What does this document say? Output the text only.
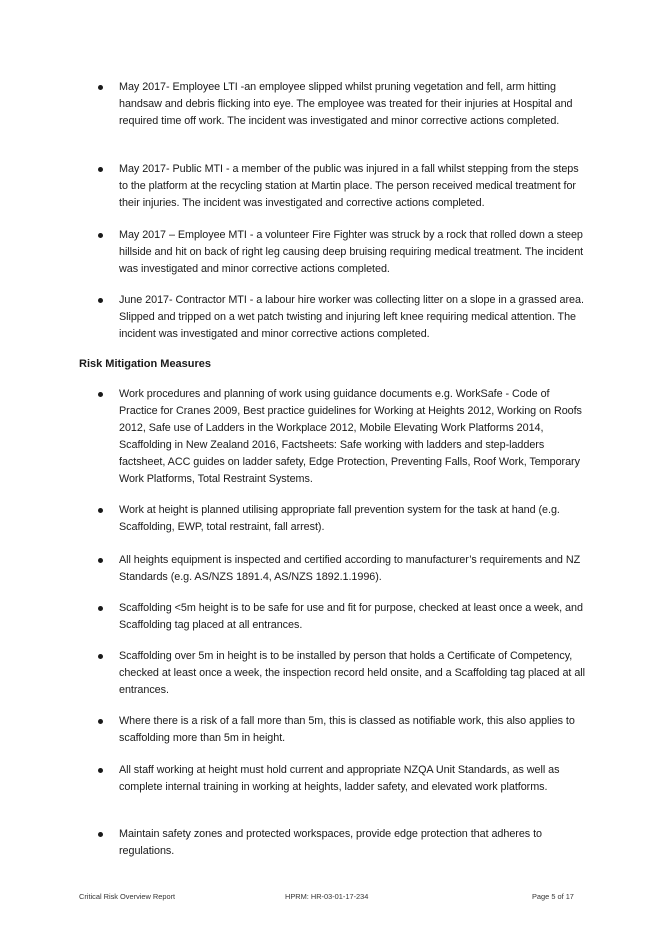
May 2017- Employee LTI -an employee slipped whilst pruning vegetation and fell, arm hitting handsaw and debris flicking into eye. The employee was treated for their injuries at Hospital and required time off work. The incident was investigated and minor corrective actions completed.
May 2017- Public MTI - a member of the public was injured in a fall whilst stepping from the steps to the platform at the recycling station at Martin place. The person received medical treatment for their injuries. The incident was investigated and corrective actions completed.
May 2017 – Employee MTI - a volunteer Fire Fighter was struck by a rock that rolled down a steep hillside and hit on back of right leg causing deep bruising requiring medical treatment. The incident was investigated and minor corrective actions completed.
June 2017- Contractor MTI - a labour hire worker was collecting litter on a slope in a grassed area. Slipped and tripped on a wet patch twisting and injuring left knee requiring medical attention. The incident was investigated and minor corrective actions completed.
Risk Mitigation Measures
Work procedures and planning of work using guidance documents e.g. WorkSafe - Code of Practice for Cranes 2009, Best practice guidelines for Working at Heights 2012, Working on Roofs 2012, Safe use of Ladders in the Workplace 2012, Mobile Elevating Work Platforms 2014, Scaffolding in New Zealand 2016, Factsheets: Safe working with ladders and step-ladders factsheet, ACC guides on ladder safety, Edge Protection, Preventing Falls, Roof Work, Temporary Work Platforms, Total Restraint Systems.
Work at height is planned utilising appropriate fall prevention system for the task at hand (e.g. Scaffolding, EWP, total restraint, fall arrest).
All heights equipment is inspected and certified according to manufacturer’s requirements and NZ Standards (e.g. AS/NZS 1891.4, AS/NZS 1892.1.1996).
Scaffolding <5m height is to be safe for use and fit for purpose, checked at least once a week, and Scaffolding tag placed at all entrances.
Scaffolding over 5m in height is to be installed by person that holds a Certificate of Competency, checked at least once a week, the inspection record held onsite, and a Scaffolding tag placed at all entrances.
Where there is a risk of a fall more than 5m, this is classed as notifiable work, this also applies to scaffolding more than 5m in height.
All staff working at height must hold current and appropriate NZQA Unit Standards, as well as complete internal training in working at heights, ladder safety, and elevated work platforms.
Maintain safety zones and protected workspaces, provide edge protection that adheres to regulations.
Critical Risk Overview Report	HPRM: HR-03-01-17-234	Page 5 of 17
